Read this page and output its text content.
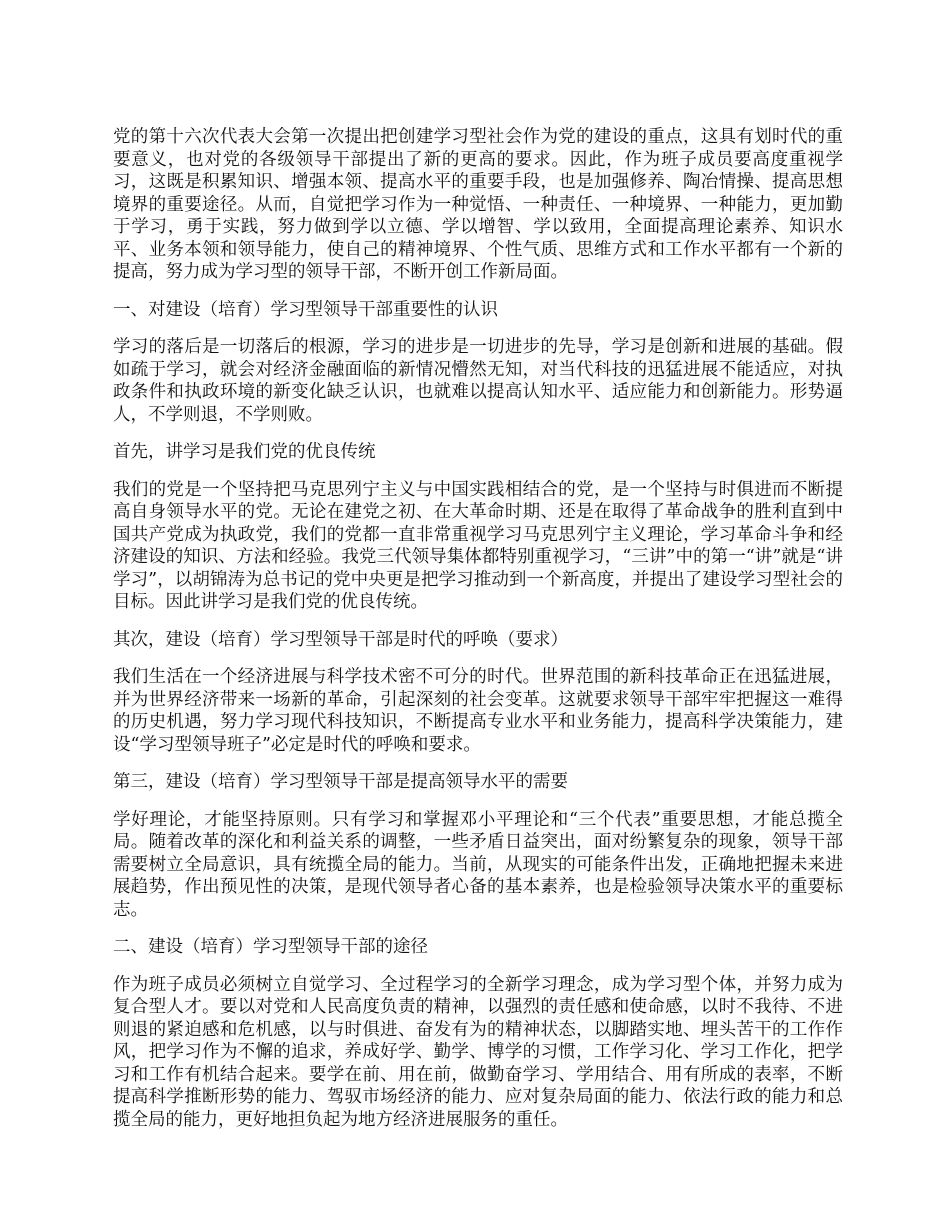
党的第十六次代表大会第一次提出把创建学习型社会作为党的建设的重点，这具有划时代的重要意义，也对党的各级领导干部提出了新的更高的要求。因此，作为班子成员要高度重视学习，这既是积累知识、增强本领、提高水平的重要手段，也是加强修养、陶冶情操、提高思想境界的重要途径。从而，自觉把学习作为一种觉悟、一种责任、一种境界、一种能力，更加勤于学习，勇于实践，努力做到学以立德、学以增智、学以致用，全面提高理论素养、知识水平、业务本领和领导能力，使自己的精神境界、个性气质、思维方式和工作水平都有一个新的提高，努力成为学习型的领导干部，不断开创工作新局面。

一、对建设（培育）学习型领导干部重要性的认识

学习的落后是一切落后的根源，学习的进步是一切进步的先导，学习是创新和进展的基础。假如疏于学习，就会对经济金融面临的新情况懵然无知，对当代科技的迅猛进展不能适应，对执政条件和执政环境的新变化缺乏认识，也就难以提高认知水平、适应能力和创新能力。形势逼人，不学则退，不学则败。

首先，讲学习是我们党的优良传统

我们的党是一个坚持把马克思列宁主义与中国实践相结合的党，是一个坚持与时俱进而不断提高自身领导水平的党。无论在建党之初、在大革命时期、还是在取得了革命战争的胜利直到中国共产党成为执政党，我们的党都一直非常重视学习马克思列宁主义理论，学习革命斗争和经济建设的知识、方法和经验。我党三代领导集体都特别重视学习，“三讲”中的第一“讲”就是“讲学习”，以胡锦涛为总书记的党中央更是把学习推动到一个新高度，并提出了建设学习型社会的目标。因此讲学习是我们党的优良传统。

其次，建设（培育）学习型领导干部是时代的呼唤（要求）

我们生活在一个经济进展与科学技术密不可分的时代。世界范围的新科技革命正在迅猛进展，并为世界经济带来一场新的革命，引起深刻的社会变革。这就要求领导干部牢牢把握这一难得的历史机遇，努力学习现代科技知识，不断提高专业水平和业务能力，提高科学决策能力，建设“学习型领导班子”必定是时代的呼唤和要求。

第三，建设（培育）学习型领导干部是提高领导水平的需要

学好理论，才能坚持原则。只有学习和掌握邓小平理论和“三个代表”重要思想，才能总揽全局。随着改革的深化和利益关系的调整，一些矛盾日益突出，面对纷繁复杂的现象，领导干部需要树立全局意识，具有统揽全局的能力。当前，从现实的可能条件出发，正确地把握未来进展趋势，作出预见性的决策，是现代领导者心备的基本素养，也是检验领导决策水平的重要标志。

二、建设（培育）学习型领导干部的途径

作为班子成员必须树立自觉学习、全过程学习的全新学习理念，成为学习型个体，并努力成为复合型人才。要以对党和人民高度负责的精神，以强烈的责任感和使命感，以时不我待、不进则退的紧迫感和危机感，以与时俱进、奋发有为的精神状态，以脚踏实地、埋头苦干的工作作风，把学习作为不懈的追求，养成好学、勤学、博学的习惯，工作学习化、学习工作化，把学习和工作有机结合起来。要学在前、用在前，做勤奋学习、学用结合、用有所成的表率，不断提高科学推断形势的能力、驾驭市场经济的能力、应对复杂局面的能力、依法行政的能力和总揽全局的能力，更好地担负起为地方经济进展服务的重任。
